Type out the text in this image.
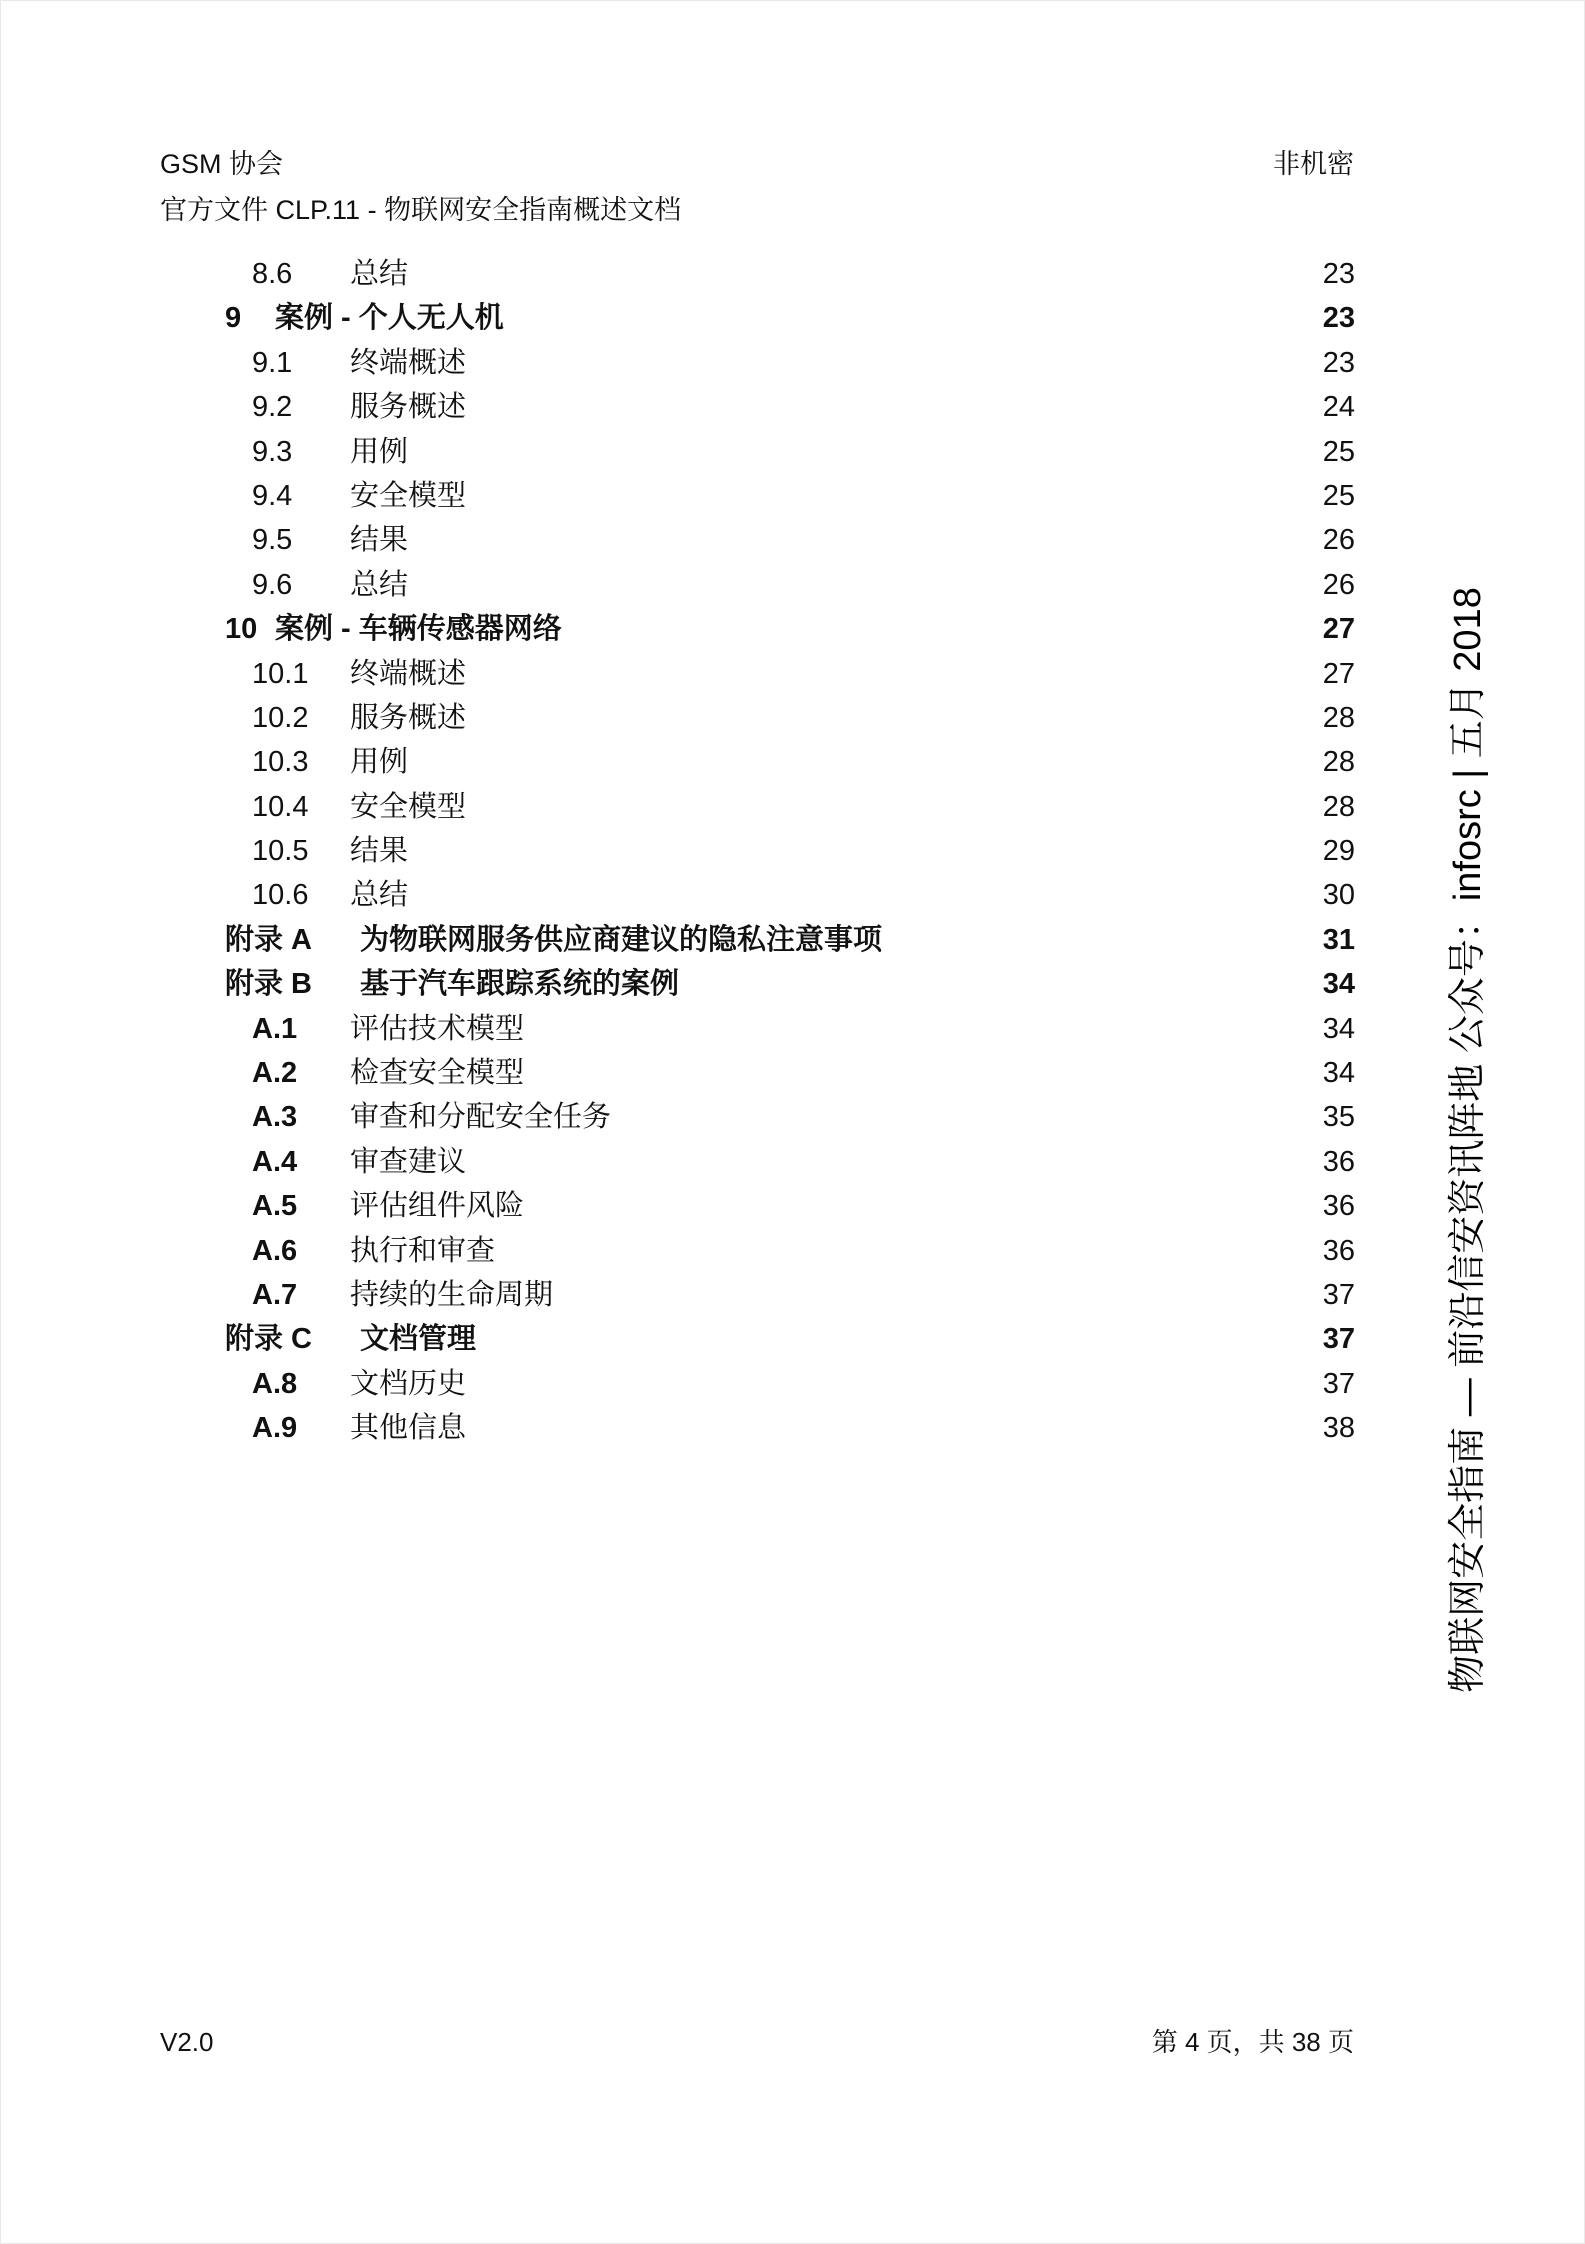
GSM 协会	非机密
官方文件 CLP.11 - 物联网安全指南概述文档
8.6 总结	23
9 案例 - 个人无人机	23
9.1 终端概述	23
9.2 服务概述	24
9.3 用例	25
9.4 安全模型	25
9.5 结果	26
9.6 总结	26
10 案例 - 车辆传感器网络	27
10.1 终端概述	27
10.2 服务概述	28
10.3 用例	28
10.4 安全模型	28
10.5 结果	29
10.6 总结	30
附录 A 为物联网服务供应商建议的隐私注意事项	31
附录 B 基于汽车跟踪系统的案例	34
A.1 评估技术模型	34
A.2 检查安全模型	34
A.3 审查和分配安全任务	35
A.4 审查建议	36
A.5 评估组件风险	36
A.6 执行和审查	36
A.7 持续的生命周期	37
附录 C 文档管理	37
A.8 文档历史	37
A.9 其他信息	38 物联网安全指南 — 前沿信安资讯阵地 公众号：infosrc | 五月 2018
V2.0	第 4 页，共 38 页
